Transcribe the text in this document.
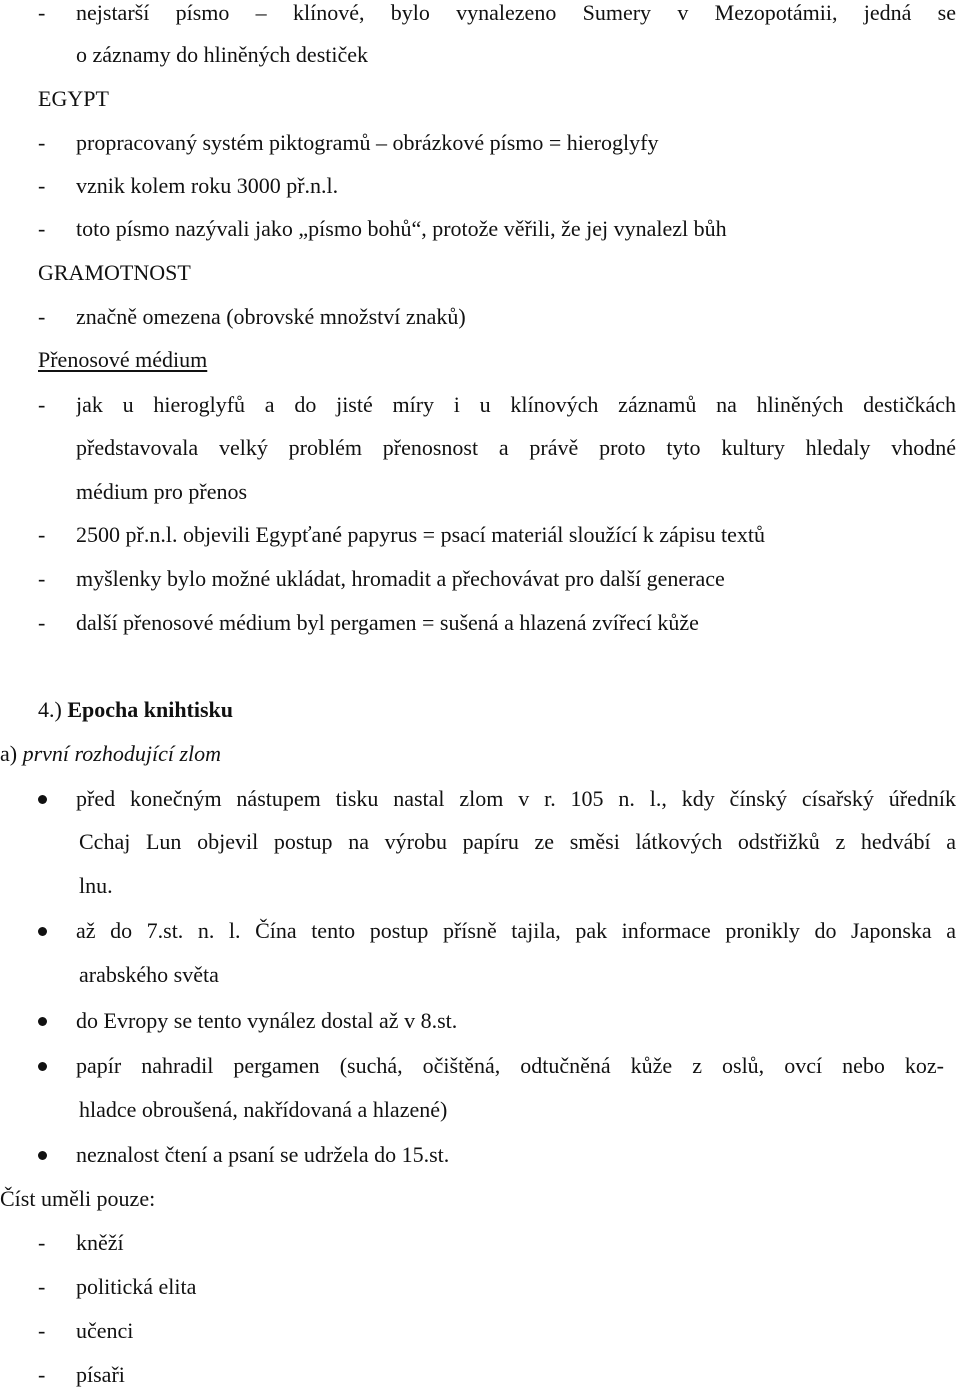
- nejstarší písmo – klínové, bylo vynalezeno Sumery v Mezopotámii, jedná se
o záznamy do hliněných destiček
EGYPT
- propracovaný systém piktogramů – obrázkové písmo = hieroglyfy
- vznik kolem roku 3000 př.n.l.
- toto písmo nazývali jako „písmo bohů“, protože věřili, že jej vynalezl bůh
GRAMOTNOST
- značně omezena (obrovské množství znaků)
Přenosové médium
- jak u hieroglyfů a do jisté míry i u klínových záznamů na hliněných destičkách
představovala velký problém přenosnost a právě proto tyto kultury hledaly vhodné
médium pro přenos
- 2500 př.n.l. objevili Egypťané papyrus = psací materiál sloužící k zápisu textů
- myšlenky bylo možné ukládat, hromadit a přechovávat pro další generace
- další přenosové médium byl pergamen = sušená a hlazená zvířecí kůže
4.) Epocha knihtisku
a) první rozhodující zlom
před konečným nástupem tisku nastal zlom v r. 105 n. l., kdy čínský císařský úředník
Cchaj Lun objevil postup na výrobu papíru ze směsi látkových odstřižků z hedvábí a
lnu.
až do 7.st. n. l. Čína tento postup přísně tajila, pak informace pronikly do Japonska a
arabského světa
do Evropy se tento vynález dostal až v 8.st.
papír nahradil pergamen (suchá, očištěná, odtučněná kůže z oslů, ovcí nebo koz-
hladce obroušená, nakřídovaná a hlazené)
neznalost čtení a psaní se udržela do 15.st.
Číst uměli pouze:
- kněží
- politická elita
- učenci
- písaři
